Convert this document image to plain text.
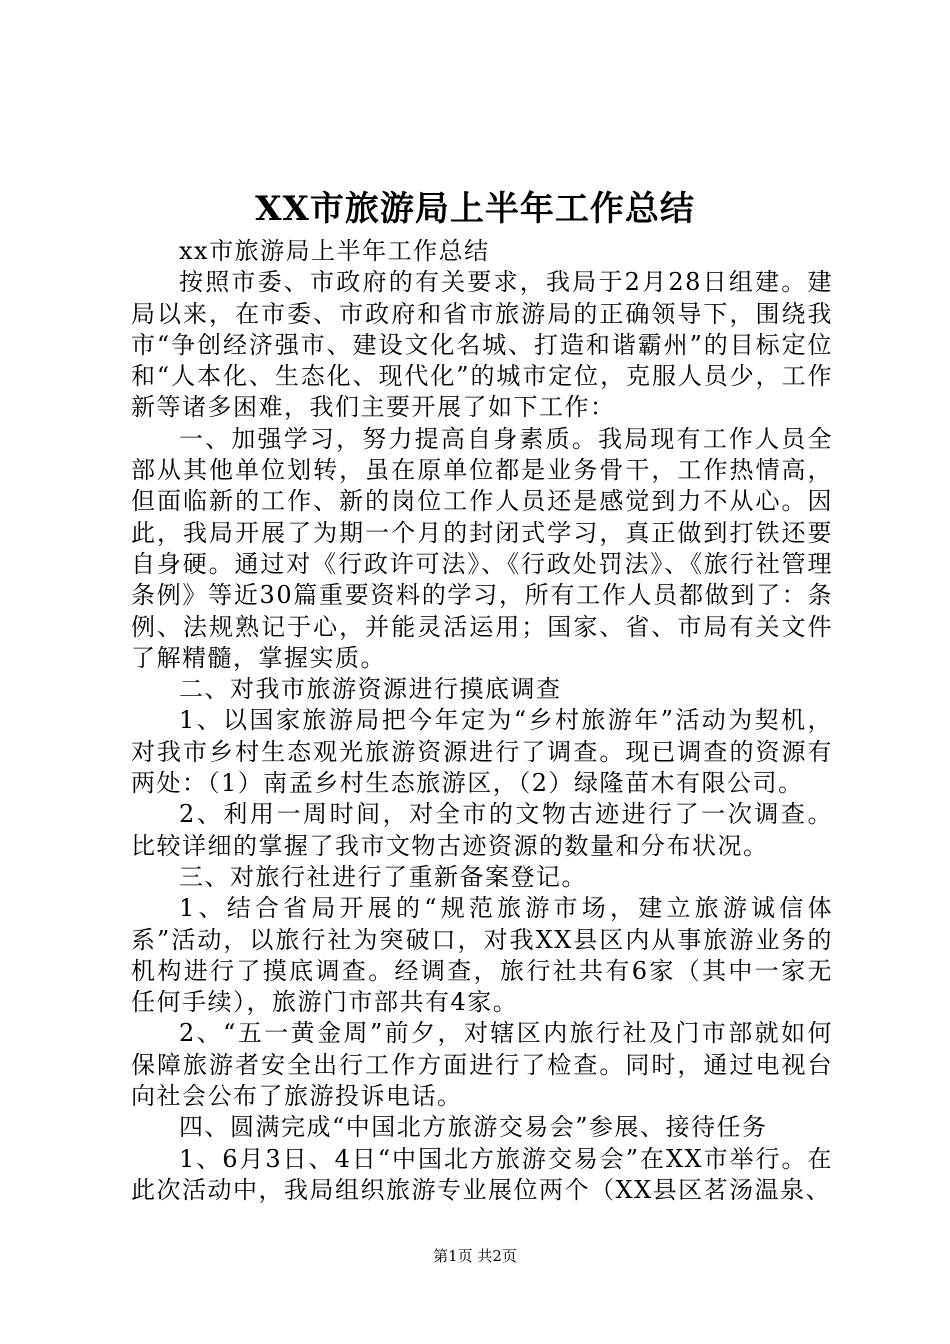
XX市旅游局上半年工作总结

xx市旅游局上半年工作总结

按照市委、市政府的有关要求，我局于2月28日组建。建局以来，在市委、市政府和省市旅游局的正确领导下，围绕我市“争创经济强市、建设文化名城、打造和谐霸州”的目标定位和“人本化、生态化、现代化”的城市定位，克服人员少，工作新等诸多困难，我们主要开展了如下工作：

一、加强学习，努力提高自身素质。我局现有工作人员全部从其他单位划转，虽在原单位都是业务骨干，工作热情高，但面临新的工作、新的岗位工作人员还是感觉到力不从心。因此，我局开展了为期一个月的封闭式学习，真正做到打铁还要自身硬。通过对《行政许可法》、《行政处罚法》、《旅行社管理条例》等近30篇重要资料的学习，所有工作人员都做到了：条例、法规熟记于心，并能灵活运用；国家、省、市局有关文件了解精髓，掌握实质。

二、对我市旅游资源进行摸底调查

1、以国家旅游局把今年定为“乡村旅游年”活动为契机，对我市乡村生态观光旅游资源进行了调查。现已调查的资源有两处：（1）南孟乡村生态旅游区，（2）绿隆苗木有限公司。

2、利用一周时间，对全市的文物古迹进行了一次调查。比较详细的掌握了我市文物古迹资源的数量和分布状况。

三、对旅行社进行了重新备案登记。

1、结合省局开展的“规范旅游市场，建立旅游诚信体系”活动，以旅行社为突破口，对我XX县区内从事旅游业务的机构进行了摸底调查。经调查，旅行社共有6家（其中一家无任何手续），旅游门市部共有4家。

2、“五一黄金周”前夕，对辖区内旅行社及门市部就如何保障旅游者安全出行工作方面进行了检查。同时，通过电视台向社会公布了旅游投诉电话。

四、圆满完成“中国北方旅游交易会”参展、接待任务

1、6月3日、4日“中国北方旅游交易会”在XX市举行。在此次活动中，我局组织旅游专业展位两个（XX县区茗汤温泉、

第1页 共2页
